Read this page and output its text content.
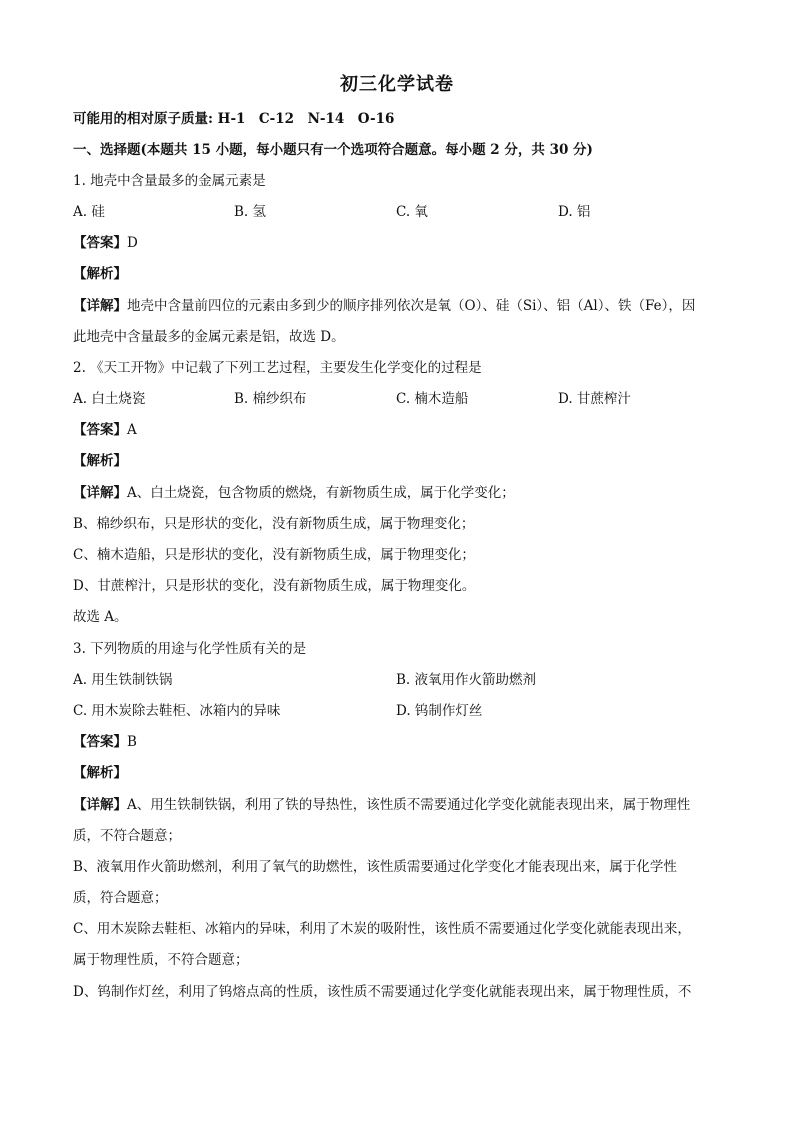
初三化学试卷
可能用的相对原子质量: H-1　C-12　N-14　O-16
一、选择题(本题共 15 小题，每小题只有一个选项符合题意。每小题 2 分，共 30 分)
1. 地壳中含量最多的金属元素是
A. 硅	B. 氢	C. 氧	D. 铝
【答案】D
【解析】
【详解】地壳中含量前四位的元素由多到少的顺序排列依次是氧（O）、硅（Si）、铝（Al）、铁（Fe），因
此地壳中含量最多的金属元素是铝，故选 D。
2. 《天工开物》中记载了下列工艺过程，主要发生化学变化的过程是
A. 白土烧瓷	B. 棉纱织布	C. 楠木造船	D. 甘蔗榨汁
【答案】A
【解析】
【详解】A、白土烧瓷，包含物质的燃烧，有新物质生成，属于化学变化；
B、棉纱织布，只是形状的变化，没有新物质生成，属于物理变化；
C、楠木造船，只是形状的变化，没有新物质生成，属于物理变化；
D、甘蔗榨汁，只是形状的变化，没有新物质生成，属于物理变化。
故选 A。
3. 下列物质的用途与化学性质有关的是
A. 用生铁制铁锅	B. 液氧用作火箭助燃剂
C. 用木炭除去鞋柜、冰箱内的异味	D. 钨制作灯丝
【答案】B
【解析】
【详解】A、用生铁制铁锅，利用了铁的导热性，该性质不需要通过化学变化就能表现出来，属于物理性
质，不符合题意；
B、液氧用作火箭助燃剂，利用了氧气的助燃性，该性质需要通过化学变化才能表现出来，属于化学性
质，符合题意；
C、用木炭除去鞋柜、冰箱内的异味，利用了木炭的吸附性，该性质不需要通过化学变化就能表现出来，
属于物理性质，不符合题意；
D、钨制作灯丝，利用了钨熔点高的性质，该性质不需要通过化学变化就能表现出来，属于物理性质，不
